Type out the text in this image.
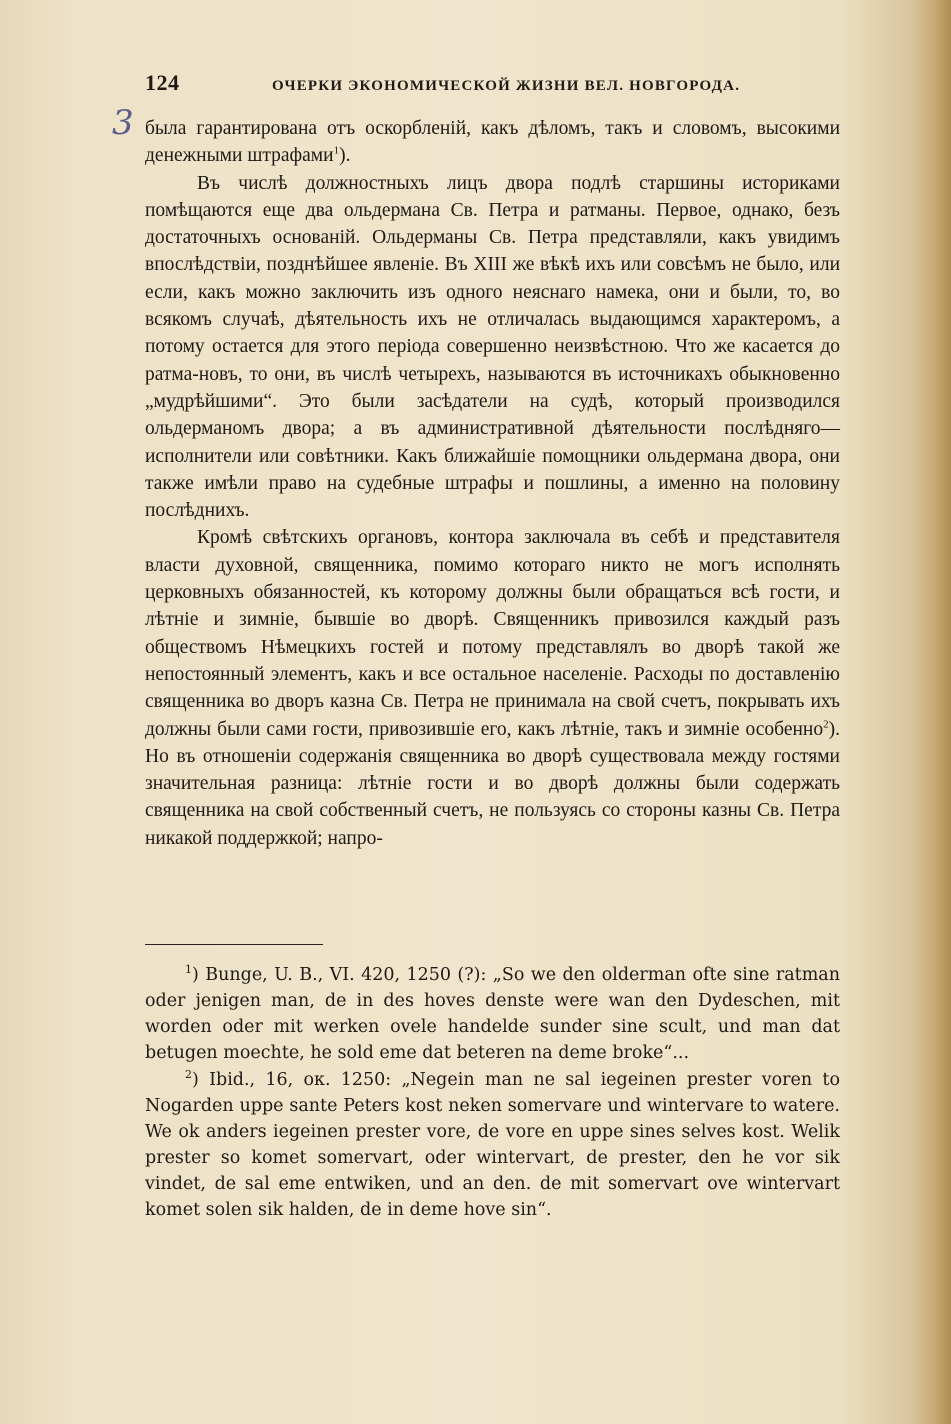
124	ОЧЕРКИ ЭКОНОМИЧЕСКОЙ ЖИЗНИ ВЕЛ. НОВГОРОДА.
3 была гарантирована отъ оскорбленій, какъ дѣломъ, такъ и словомъ, высокими денежными штрафами$^1$).

Въ числѣ должностныхъ лицъ двора подлѣ старшины историками помѣщаются еще два ольдермана Св. Петра и ратманы. Первое, однако, безъ достаточныхъ основаній. Ольдерманы Св. Петра представляли, какъ увидимъ впослѣдствіи, позднѣйшее явленіе. Въ XIII же вѣкѣ ихъ или совсѣмъ не было, или если, какъ можно заключить изъ одного неяснаго намека, они и были, то, во всякомъ случаѣ, дѣятельность ихъ не отличалась выдающимся характеромъ, а потому остается для этого періода совершенно неизвѣстною. Что же касается до ратма-новъ, то они, въ числѣ четырехъ, называются въ источникахъ обыкновенно „мудрѣйшими“. Это были засѣдатели на судѣ, который производился ольдерманомъ двора; а въ административной дѣятельности послѣдняго—исполнители или совѣтники. Какъ ближайшіе помощники ольдермана двора, они также имѣли право на судебные штрафы и пошлины, а именно на половину послѣднихъ.

Кромѣ свѣтскихъ органовъ, контора заключала въ себѣ и представителя власти духовной, священника, помимо котораго никто не могъ исполнять церковныхъ обязанностей, къ которому должны были обращаться всѣ гости, и лѣтніе и зимніе, бывшіе во дворѣ. Священникъ привозился каждый разъ обществомъ Нѣмецкихъ гостей и потому представлялъ во дворѣ такой же непостоянный элементъ, какъ и все остальное населеніе. Расходы по доставленію священника во дворъ казна Св. Петра не принимала на свой счетъ, покрывать ихъ должны были сами гости, привозившіе его, какъ лѣтніе, такъ и зимніе особенно$^2$). Но въ отношеніи содержанія священника во дворѣ существовала между гостями значительная разница: лѣтніе гости и во дворѣ должны были содержать священника на свой собственный счетъ, не пользуясь со стороны казны Св. Петра никакой поддержкой; напро-

$^1$) Bunge, U. B., VI. 420, 1250 (?): „So we den olderman ofte sine ratman oder jenigen man, de in des hoves denste were wan den Dydeschen, mit worden oder mit werken ovele handelde sunder sine scult, und man dat betugen moechte, he sold eme dat beteren na deme broke“...

$^2$) Ibid., 16, ок. 1250: „Negein man ne sal iegeinen prester voren to Nogarden uppe sante Peters kost neken somervare und wintervare to watere. We ok anders iegeinen prester vore, de vore en uppe sines selves kost. Welik prester so komet somervart, oder wintervart, de prester, den he vor sik vindet, de sal eme entwiken, und an den. de mit somervart ove wintervart komet solen sik halden, de in deme hove sin“.
